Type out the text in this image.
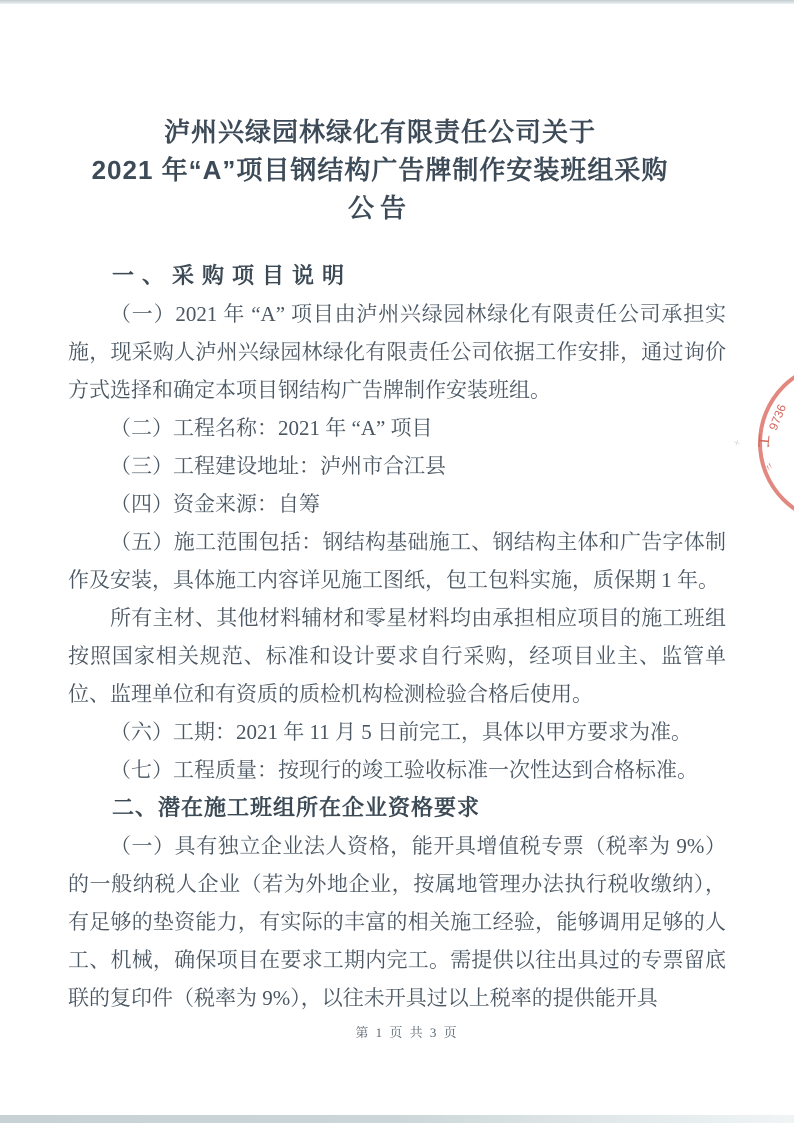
泸州兴绿园林绿化有限责任公司关于
2021 年“A”项目钢结构广告牌制作安装班组采购
公告

一、采购项目说明

（一）2021 年 “A” 项目由泸州兴绿园林绿化有限责任公司承担实施，现采购人泸州兴绿园林绿化有限责任公司依据工作安排，通过询价方式选择和确定本项目钢结构广告牌制作安装班组。

（二）工程名称：2021 年 “A” 项目

（三）工程建设地址：泸州市合江县

（四）资金来源：自筹

（五）施工范围包括：钢结构基础施工、钢结构主体和广告字体制作及安装，具体施工内容详见施工图纸，包工包料实施，质保期 1 年。

所有主材、其他材料辅材和零星材料均由承担相应项目的施工班组按照国家相关规范、标准和设计要求自行采购，经项目业主、监管单位、监理单位和有资质的质检机构检测检验合格后使用。

（六）工期：2021 年 11 月 5 日前完工，具体以甲方要求为准。

（七）工程质量：按现行的竣工验收标准一次性达到合格标准。

二、潜在施工班组所在企业资格要求

（一）具有独立企业法人资格，能开具增值税专票（税率为 9%）的一般纳税人企业（若为外地企业，按属地管理办法执行税收缴纳），有足够的垫资能力，有实际的丰富的相关施工经验，能够调用足够的人工、机械，确保项目在要求工期内完工。需提供以往出具过的专票留底联的复印件（税率为 9%），以往未开具过以上税率的提供能开具

9736
工
〃
+
第 1 页 共 3 页
